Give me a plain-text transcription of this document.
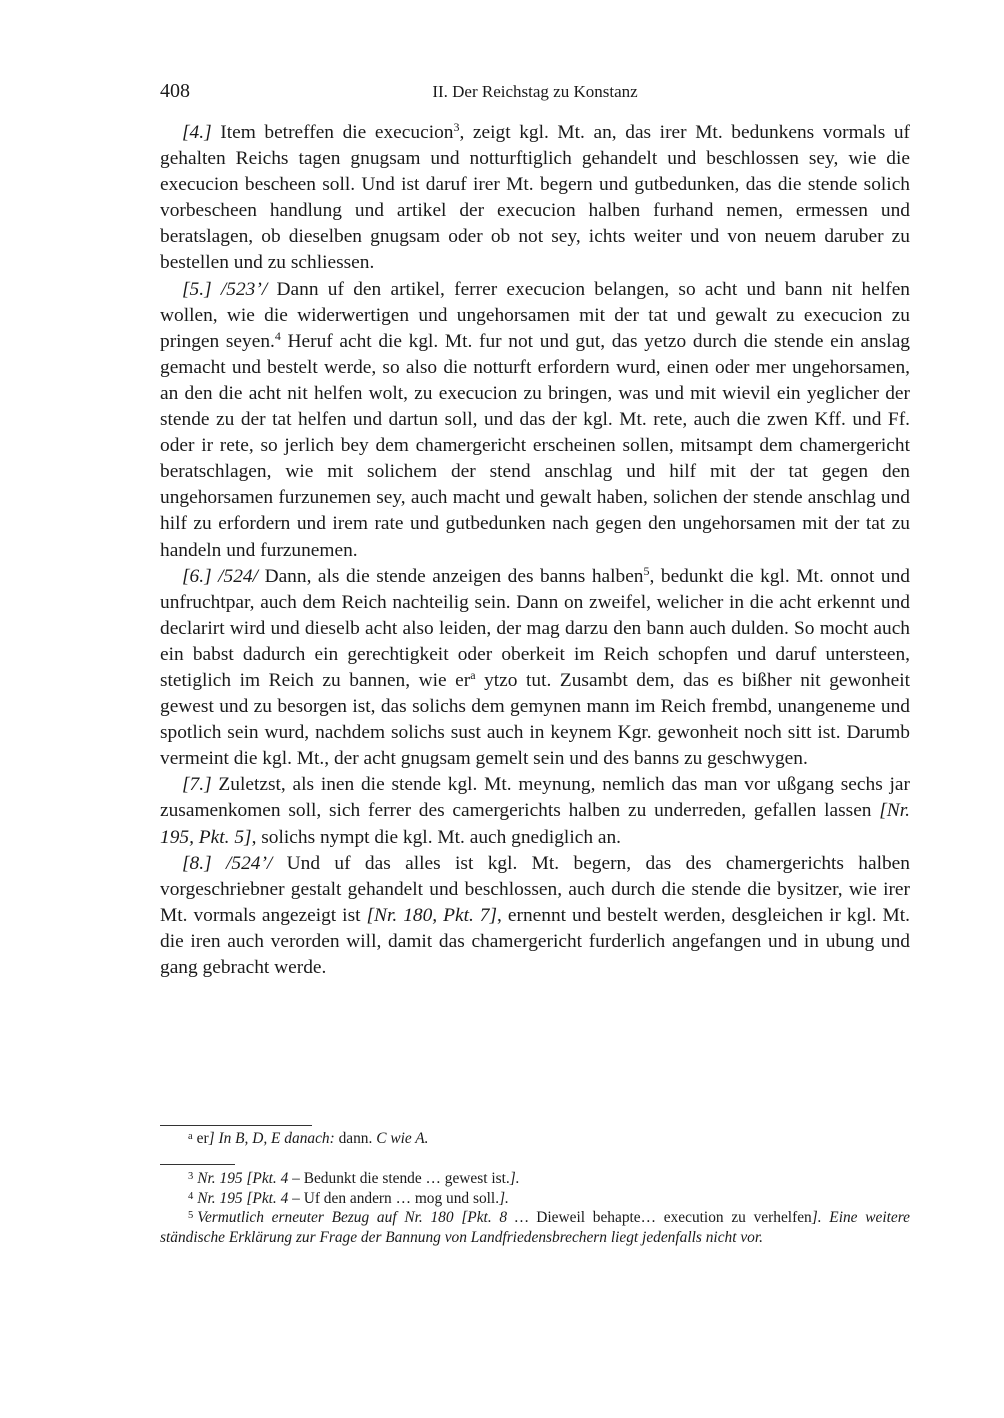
408	II. Der Reichstag zu Konstanz

[4.] Item betreffen die execucion$^3$, zeigt kgl. Mt. an, das irer Mt. bedunkens vormals uf gehalten Reichs tagen gnugsam und notturftiglich gehandelt und beschlossen sey, wie die execucion bescheen soll. Und ist daruf irer Mt. begern und gutbedunken, das die stende solich vorbescheen handlung und artikel der execucion halben furhand nemen, ermessen und beratslagen, ob dieselben gnugsam oder ob not sey, ichts weiter und von neuem daruber zu bestellen und zu schliessen.

[5.] /523’/ Dann uf den artikel, ferrer execucion belangen, so acht und bann nit helfen wollen, wie die widerwertigen und ungehorsamen mit der tat und gewalt zu execucion zu pringen seyen.$^4$ Heruf acht die kgl. Mt. fur not und gut, das yetzo durch die stende ein anslag gemacht und bestelt werde, so also die notturft erfordern wurd, einen oder mer ungehorsamen, an den die acht nit helfen wolt, zu execucion zu bringen, was und mit wievil ein yeglicher der stende zu der tat helfen und dartun soll, und das der kgl. Mt. rete, auch die zwen Kff. und Ff. oder ir rete, so jerlich bey dem chamergericht erscheinen sollen, mitsampt dem chamergericht beratschlagen, wie mit solichem der stend anschlag und hilf mit der tat gegen den ungehorsamen furzunemen sey, auch macht und gewalt haben, solichen der stende anschlag und hilf zu erfordern und irem rate und gutbedunken nach gegen den ungehorsamen mit der tat zu handeln und furzunemen.

[6.] /524/ Dann, als die stende anzeigen des banns halben$^5$, bedunkt die kgl. Mt. onnot und unfruchtpar, auch dem Reich nachteilig sein. Dann on zweifel, welicher in die acht erkennt und declarirt wird und dieselb acht also leiden, der mag darzu den bann auch dulden. So mocht auch ein babst dadurch ein gerechtigkeit oder oberkeit im Reich schopfen und daruf untersteen, stetiglich im Reich zu bannen, wie $er^a$ ytzo tut. Zusambt dem, das es bißher nit gewonheit gewest und zu besorgen ist, das solichs dem gemynen mann im Reich frembd, unangeneme und spotlich sein wurd, nachdem solichs sust auch in keynem Kgr. gewonheit noch sitt ist. Darumb vermeint die kgl. Mt., der acht gnugsam gemelt sein und des banns zu geschwygen.

[7.] Zuletzst, als inen die stende kgl. Mt. meynung, nemlich das man vor ußgang sechs jar zusamenkomen soll, sich ferrer des camergerichts halben zu underreden, gefallen lassen [Nr. 195, Pkt. 5], solichs nympt die kgl. Mt. auch gnediglich an.

[8.] /524’/ Und uf das alles ist kgl. Mt. begern, das des chamergerichts halben vorgeschriebner gestalt gehandelt und beschlossen, auch durch die stende die bysitzer, wie irer Mt. vormals angezeigt ist [Nr. 180, Pkt. 7], ernennt und bestelt werden, desgleichen ir kgl. Mt. die iren auch verorden will, damit das chamergericht furderlich angefangen und in ubung und gang gebracht werde.

$^a$ er] In B, D, E danach: dann. C wie A.

$^3$ Nr. 195 [Pkt. 4 – Bedunkt die stende … gewest ist.].

$^4$ Nr. 195 [Pkt. 4 – Uf den andern … mog und soll.].

$^5$ Vermutlich erneuter Bezug auf Nr. 180 [Pkt. 8 … Dieweil behapte… execution zu verhelfen]. Eine weitere ständische Erklärung zur Frage der Bannung von Landfriedensbrechern liegt jedenfalls nicht vor.
